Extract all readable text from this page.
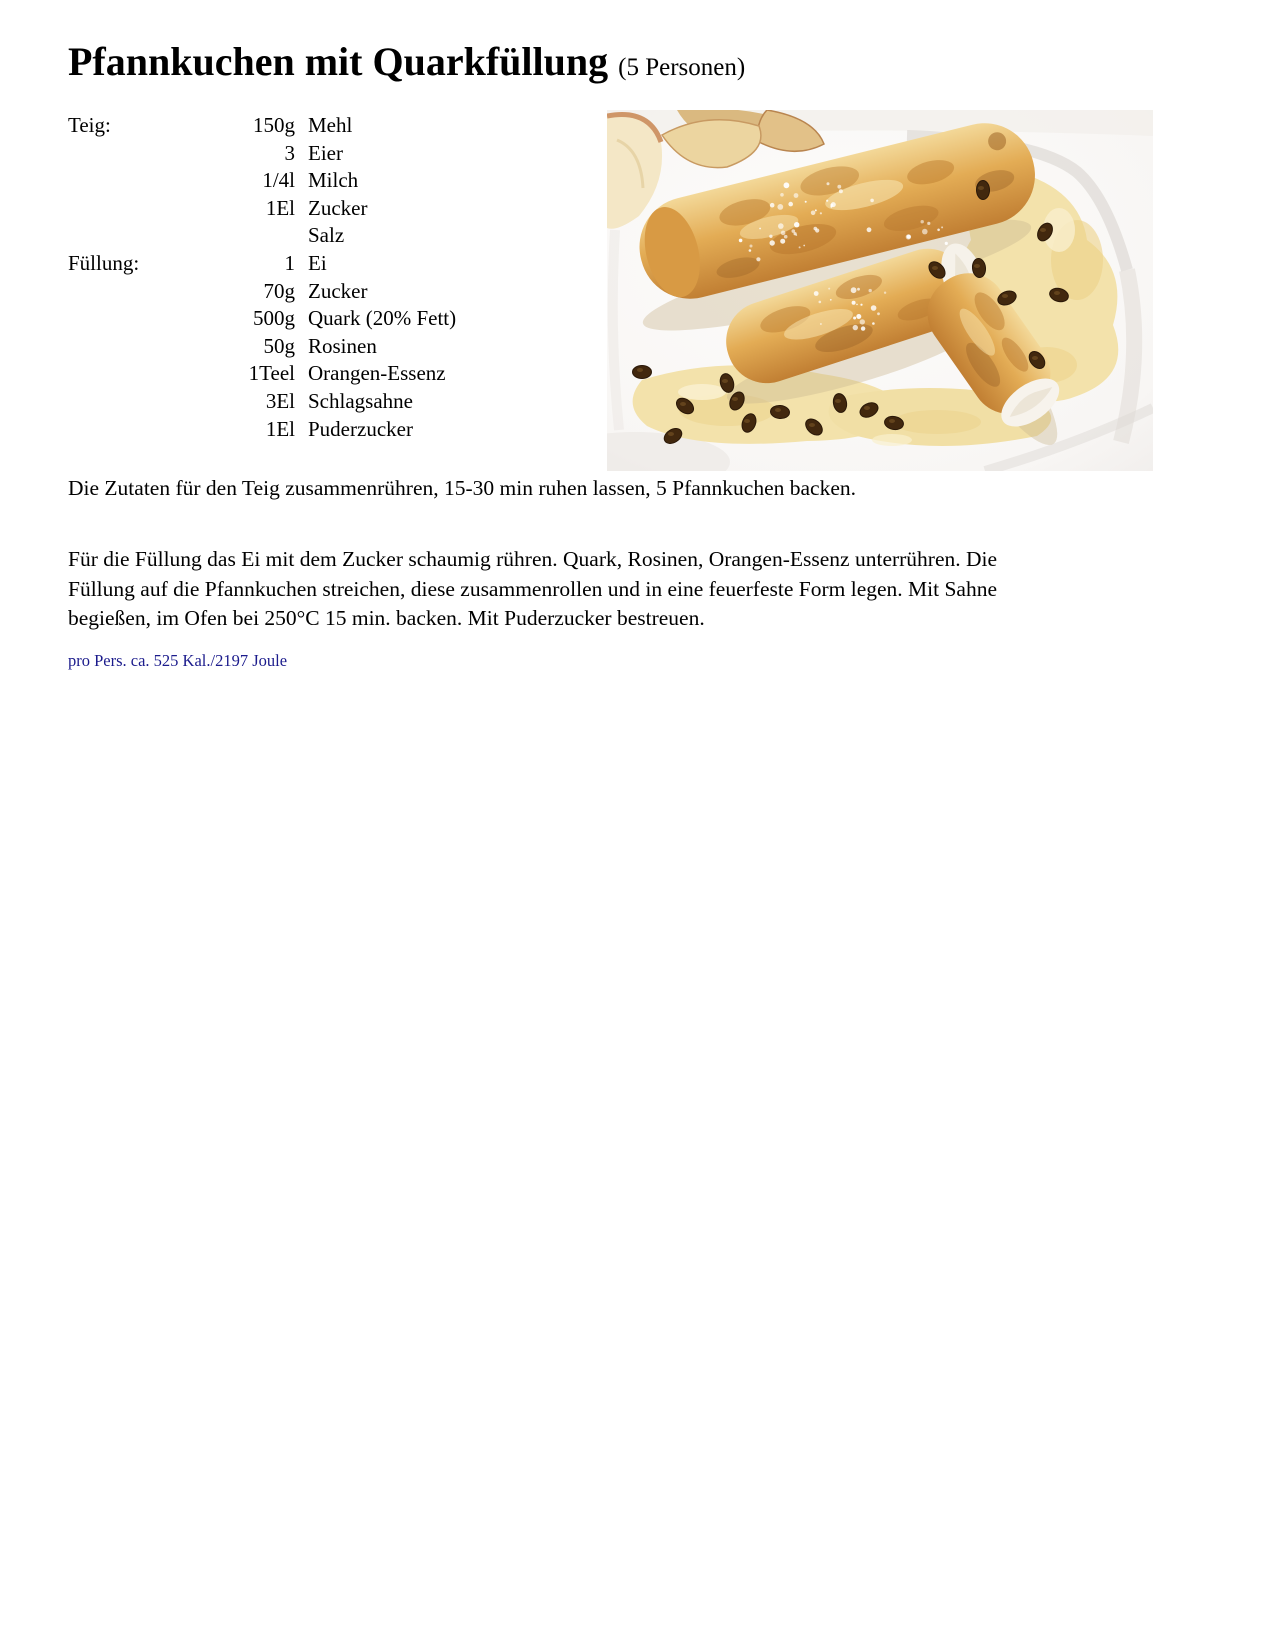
Pfannkuchen mit Quarkfüllung (5 Personen)
Teig:	150g Mehl
3 Eier
1/4l Milch
1El Zucker
Salz
Füllung:	1 Ei
70g Zucker
500g Quark (20% Fett)
50g Rosinen
1Teel Orangen-Essenz
3El Schlagsahne
1El Puderzucker

Die Zutaten für den Teig zusammenrühren, 15-30 min ruhen lassen, 5 Pfannkuchen backen.

Für die Füllung das Ei mit dem Zucker schaumig rühren. Quark, Rosinen, Orangen-Essenz unterrühren. Die
Füllung auf die Pfannkuchen streichen, diese zusammenrollen und in eine feuerfeste Form legen. Mit Sahne
begießen, im Ofen bei 250°C 15 min. backen. Mit Puderzucker bestreuen.
pro Pers. ca. 525 Kal./2197 Joule
